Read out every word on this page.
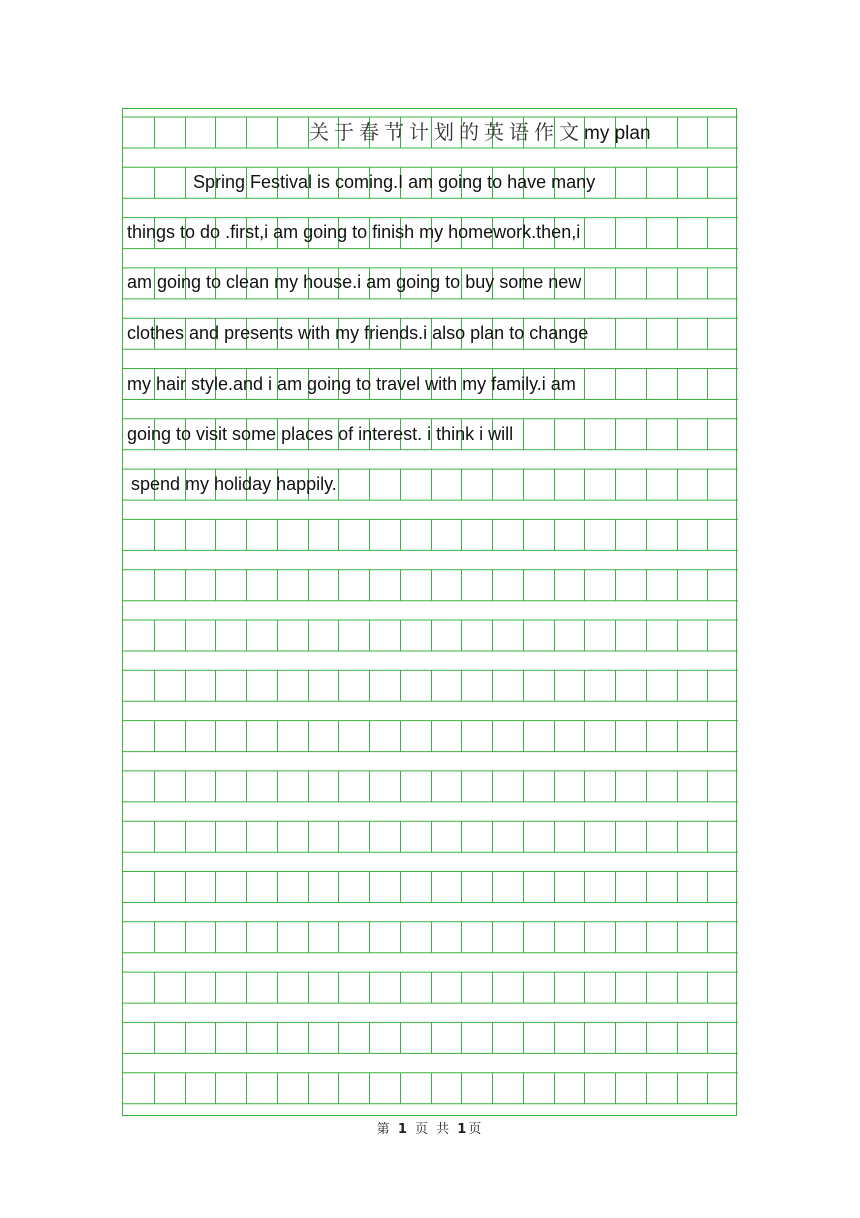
关于春节计划的英语作文my plan
Spring Festival is coming.I am going to have many
things to do .first,i am going to finish my homework.then,i
am going to clean my house.i am going to buy some new
clothes and presents with my friends.i also plan to change
my hair style.and i am going to travel with my family.i am
going to visit some places of interest. i think i will
spend my holiday happily.
第 1 页 共 1页
